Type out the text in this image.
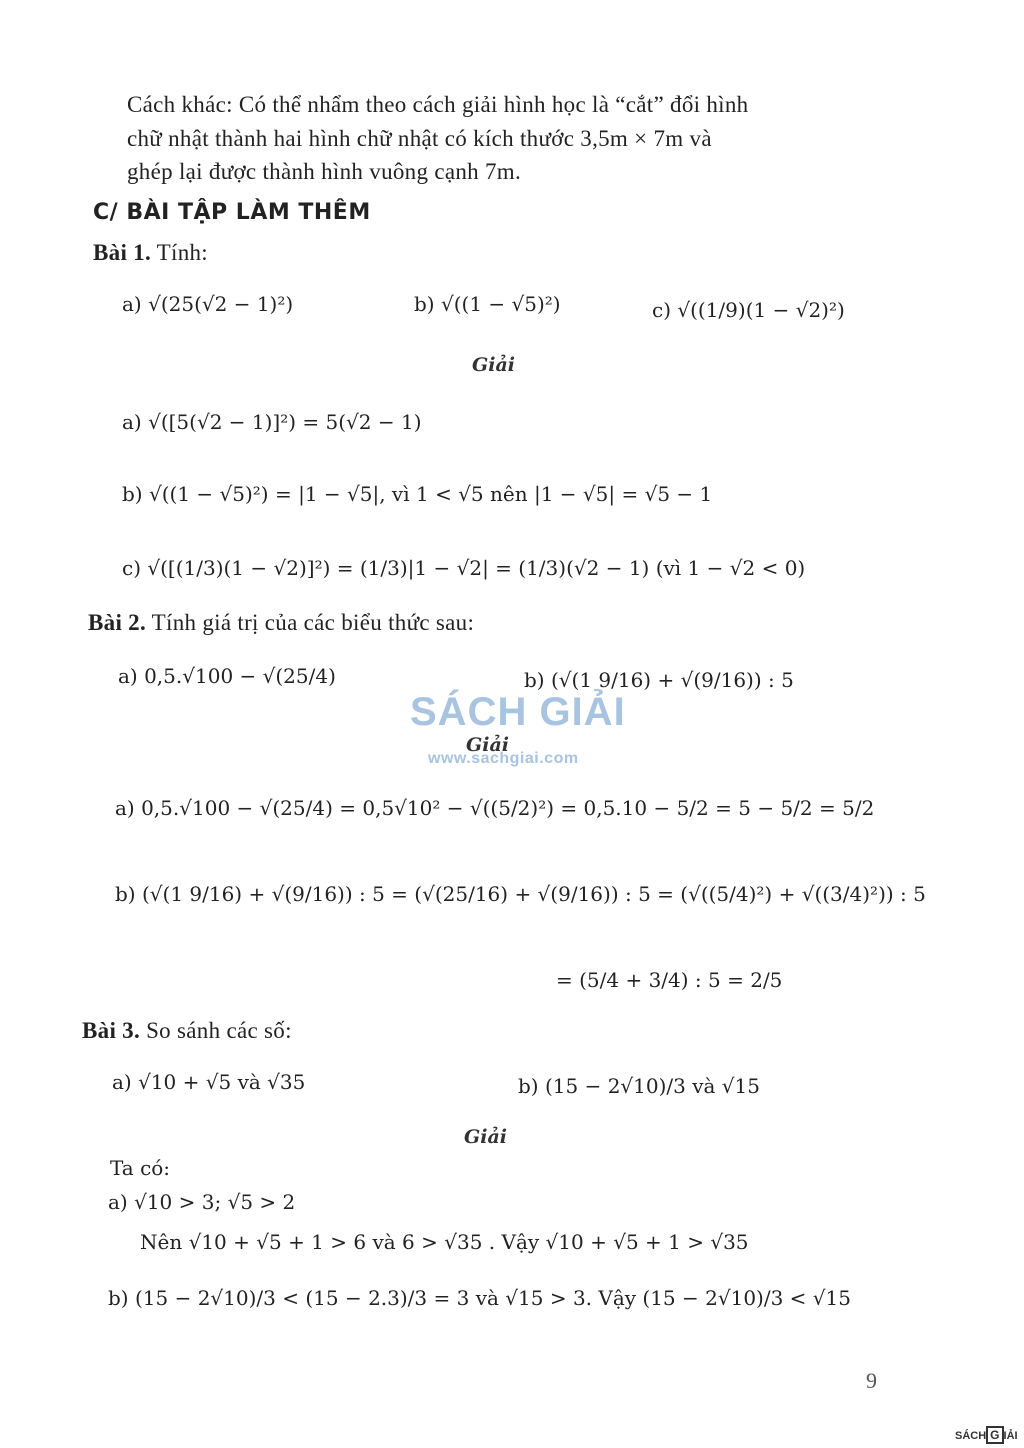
Cách khác: Có thể nhẩm theo cách giải hình học là “cắt” đổi hình
chữ nhật thành hai hình chữ nhật có kích thước 3,5m × 7m và
ghép lại được thành hình vuông cạnh 7m.
C/ BÀI TẬP LÀM THÊM
Bài 1. Tính:
a) √(25(√2 − 1)²)	b) √((1 − √5)²)	c) √((1/9)(1 − √2)²)
Giải
a) √([5(√2 − 1)]²) = 5(√2 − 1)
b) √((1 − √5)²) = |1 − √5|, vì 1 < √5 nên |1 − √5| = √5 − 1
c) √([(1/3)(1 − √2)]²) = (1/3)|1 − √2| = (1/3)(√2 − 1) (vì 1 − √2 < 0)
Bài 2. Tính giá trị của các biểu thức sau:
a) 0,5.√100 − √(25/4)	b) (√(1 9/16) + √(9/16)) : 5
SÁCH GIẢI
www.sachgiai.com
Giải
a) 0,5.√100 − √(25/4) = 0,5√10² − √((5/2)²) = 0,5.10 − 5/2 = 5 − 5/2 = 5/2
b) (√(1 9/16) + √(9/16)) : 5 = (√(25/16) + √(9/16)) : 5 = (√((5/4)²) + √((3/4)²)) : 5
= (5/4 + 3/4) : 5 = 2/5
Bài 3. So sánh các số:
a) √10 + √5 và √35	b) (15 − 2√10)/3 và √15
Giải
Ta có:
a) √10 > 3; √5 > 2
Nên √10 + √5 + 1 > 6 và 6 > √35 . Vậy √10 + √5 + 1 > √35
b) (15 − 2√10)/3 < (15 − 2.3)/3 = 3 và √15 > 3. Vậy (15 − 2√10)/3 < √15
9
SÁCH G IẢI
